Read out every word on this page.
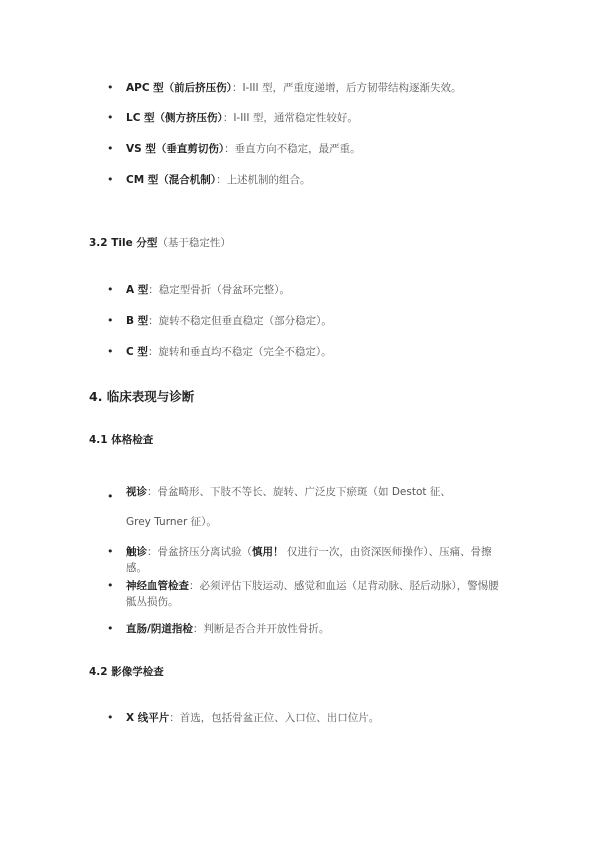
• APC 型（前后挤压伤）：I-III 型，严重度递增，后方韧带结构逐渐失效。
• LC 型（侧方挤压伤）：I-III 型，通常稳定性较好。
• VS 型（垂直剪切伤）：垂直方向不稳定，最严重。
• CM 型（混合机制）：上述机制的组合。
3.2 Tile 分型（基于稳定性）
• A 型：稳定型骨折（骨盆环完整）。
• B 型：旋转不稳定但垂直稳定（部分稳定）。
• C 型：旋转和垂直均不稳定（完全不稳定）。
4. 临床表现与诊断
4.1 体格检查
• 视诊：骨盆畸形、下肢不等长、旋转、广泛皮下瘀斑（如 Destot 征、
Grey Turner 征）。
• 触诊：骨盆挤压分离试验（慎用！ 仅进行一次，由资深医师操作）、压痛、骨擦感。
• 神经血管检查：必须评估下肢运动、感觉和血运（足背动脉、胫后动脉），警惕腰骶丛损伤。
• 直肠/阴道指检：判断是否合并开放性骨折。
4.2 影像学检查
• X 线平片：首选，包括骨盆正位、入口位、出口位片。
